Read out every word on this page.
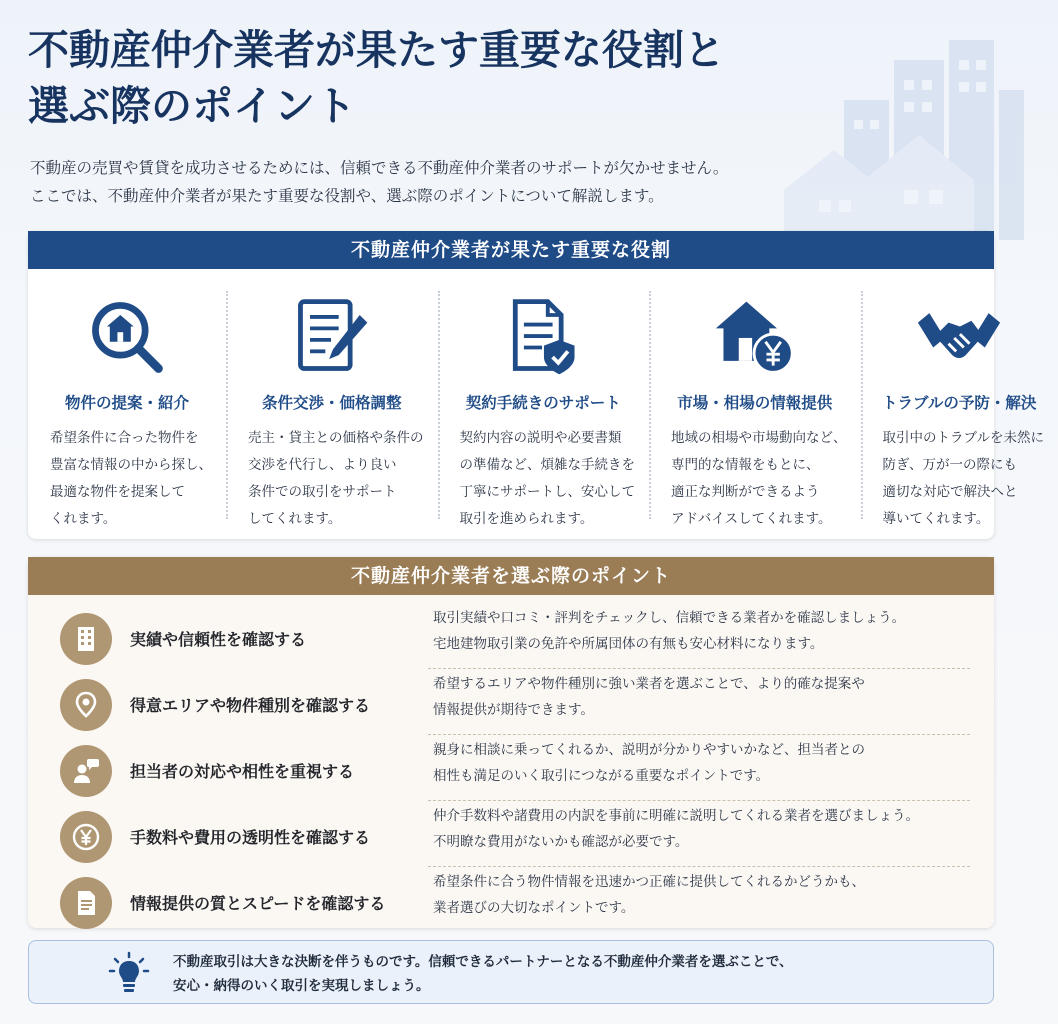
不動産仲介業者が果たす重要な役割と
選ぶ際のポイント
不動産の売買や賃貸を成功させるためには、信頼できる不動産仲介業者のサポートが欠かせません。
ここでは、不動産仲介業者が果たす重要な役割や、選ぶ際のポイントについて解説します。
不動産仲介業者が果たす重要な役割
物件の提案・紹介
希望条件に合った物件を
豊富な情報の中から探し、
最適な物件を提案して
くれます。
条件交渉・価格調整
売主・貸主との価格や条件の
交渉を代行し、より良い
条件での取引をサポート
してくれます。
契約手続きのサポート
契約内容の説明や必要書類
の準備など、煩雑な手続きを
丁寧にサポートし、安心して
取引を進められます。
市場・相場の情報提供
地域の相場や市場動向など、
専門的な情報をもとに、
適正な判断ができるよう
アドバイスしてくれます。
トラブルの予防・解決
取引中のトラブルを未然に
防ぎ、万が一の際にも
適切な対応で解決へと
導いてくれます。
不動産仲介業者を選ぶ際のポイント
実績や信頼性を確認する
取引実績や口コミ・評判をチェックし、信頼できる業者かを確認しましょう。
宅地建物取引業の免許や所属団体の有無も安心材料になります。
得意エリアや物件種別を確認する
希望するエリアや物件種別に強い業者を選ぶことで、より的確な提案や
情報提供が期待できます。
担当者の対応や相性を重視する
親身に相談に乗ってくれるか、説明が分かりやすいかなど、担当者との
相性も満足のいく取引につながる重要なポイントです。
手数料や費用の透明性を確認する
仲介手数料や諸費用の内訳を事前に明確に説明してくれる業者を選びましょう。
不明瞭な費用がないかも確認が必要です。
情報提供の質とスピードを確認する
希望条件に合う物件情報を迅速かつ正確に提供してくれるかどうかも、
業者選びの大切なポイントです。
不動産取引は大きな決断を伴うものです。信頼できるパートナーとなる不動産仲介業者を選ぶことで、
安心・納得のいく取引を実現しましょう。
